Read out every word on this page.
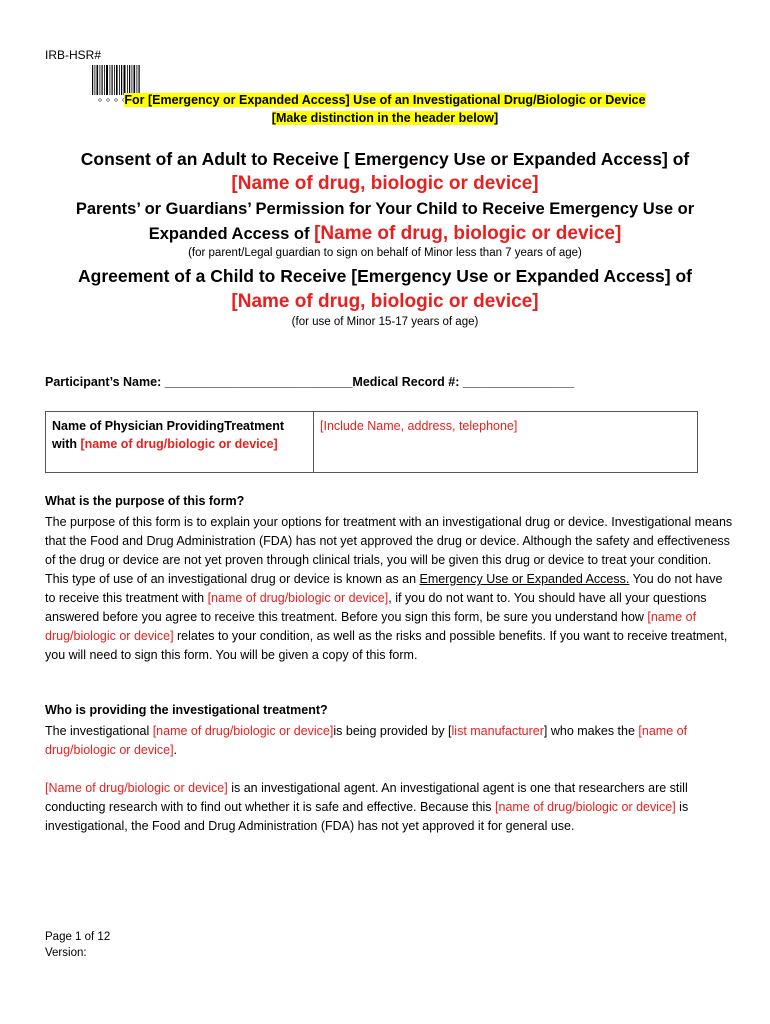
IRB-HSR#
For [Emergency or Expanded Access] Use of an Investigational Drug/Biologic or Device
[Make distinction in the header below]
Consent of an Adult to Receive [ Emergency Use or Expanded Access] of
[Name of drug, biologic or device]
Parents’ or Guardians’ Permission for Your Child to Receive Emergency Use or
Expanded Access of [Name of drug, biologic or device]
(for parent/Legal guardian to sign on behalf of Minor less than 7 years of age)
Agreement of a Child to Receive [Emergency Use or Expanded Access] of
[Name of drug, biologic or device]
(for use of Minor 15-17 years of age)
Participant’s Name: ___________________________Medical Record #: ________________
Name of Physician ProvidingTreatment with [name of drug/biologic or device]	[Include Name, address, telephone]
What is the purpose of this form?
The purpose of this form is to explain your options for treatment with an investigational drug or device. Investigational means that the Food and Drug Administration (FDA) has not yet approved the drug or device. Although the safety and effectiveness of the drug or device are not yet proven through clinical trials, you will be given this drug or device to treat your condition. This type of use of an investigational drug or device is known as an Emergency Use or Expanded Access. You do not have to receive this treatment with [name of drug/biologic or device], if you do not want to. You should have all your questions answered before you agree to receive this treatment. Before you sign this form, be sure you understand how [name of drug/biologic or device] relates to your condition, as well as the risks and possible benefits. If you want to receive treatment, you will need to sign this form. You will be given a copy of this form.
Who is providing the investigational treatment?
The investigational [name of drug/biologic or device]is being provided by [list manufacturer] who makes the [name of drug/biologic or device].
[Name of drug/biologic or device] is an investigational agent. An investigational agent is one that researchers are still conducting research with to find out whether it is safe and effective. Because this [name of drug/biologic or device] is investigational, the Food and Drug Administration (FDA) has not yet approved it for general use.
Page 1 of 12
Version:
